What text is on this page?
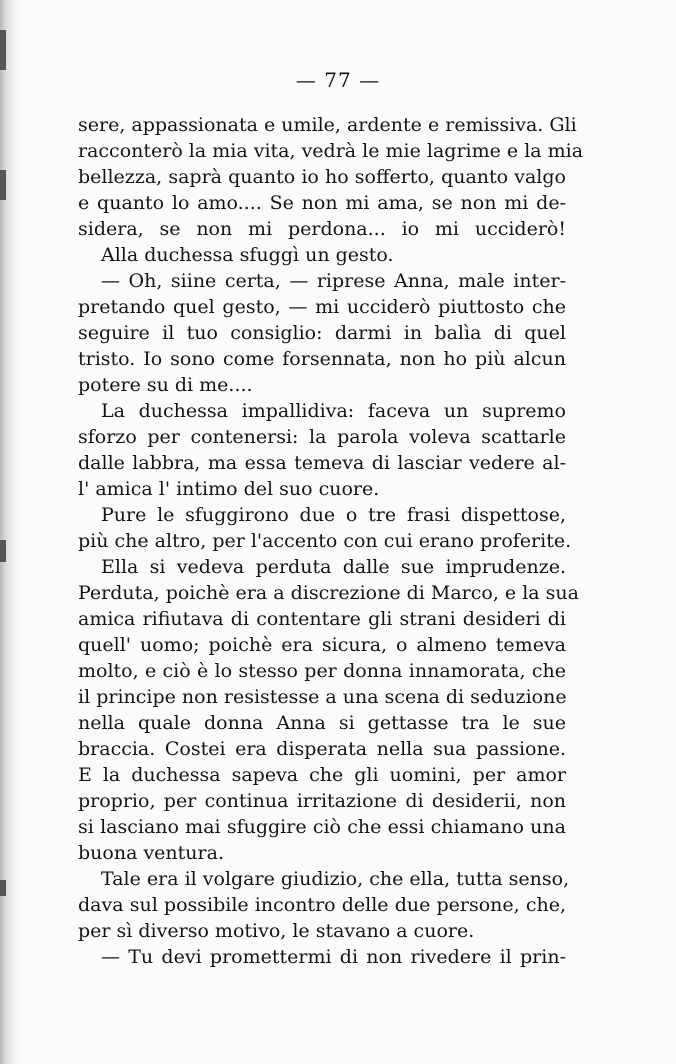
— 77 —
sere, appassionata e umile, ardente e remissiva. Gli
racconterò la mia vita, vedrà le mie lagrime e la mia
bellezza, saprà quanto io ho sofferto, quanto valgo
e quanto lo amo.... Se non mi ama, se non mi de-
sidera, se non mi perdona... io mi ucciderò!
Alla duchessa sfuggì un gesto.
— Oh, siine certa, — riprese Anna, male inter-
pretando quel gesto, — mi ucciderò piuttosto che
seguire il tuo consiglio: darmi in balìa di quel
tristo. Io sono come forsennata, non ho più alcun
potere su di me....
La duchessa impallidiva: faceva un supremo
sforzo per contenersi: la parola voleva scattarle
dalle labbra, ma essa temeva di lasciar vedere al-
l' amica l' intimo del suo cuore.
Pure le sfuggirono due o tre frasi dispettose,
più che altro, per l'accento con cui erano proferite.
Ella si vedeva perduta dalle sue imprudenze.
Perduta, poichè era a discrezione di Marco, e la sua
amica rifiutava di contentare gli strani desideri di
quell' uomo; poichè era sicura, o almeno temeva
molto, e ciò è lo stesso per donna innamorata, che
il principe non resistesse a una scena di seduzione
nella quale donna Anna si gettasse tra le sue
braccia. Costei era disperata nella sua passione.
E la duchessa sapeva che gli uomini, per amor
proprio, per continua irritazione di desiderii, non
si lasciano mai sfuggire ciò che essi chiamano una
buona ventura.
Tale era il volgare giudizio, che ella, tutta senso,
dava sul possibile incontro delle due persone, che,
per sì diverso motivo, le stavano a cuore.
— Tu devi promettermi di non rivedere il prin-
